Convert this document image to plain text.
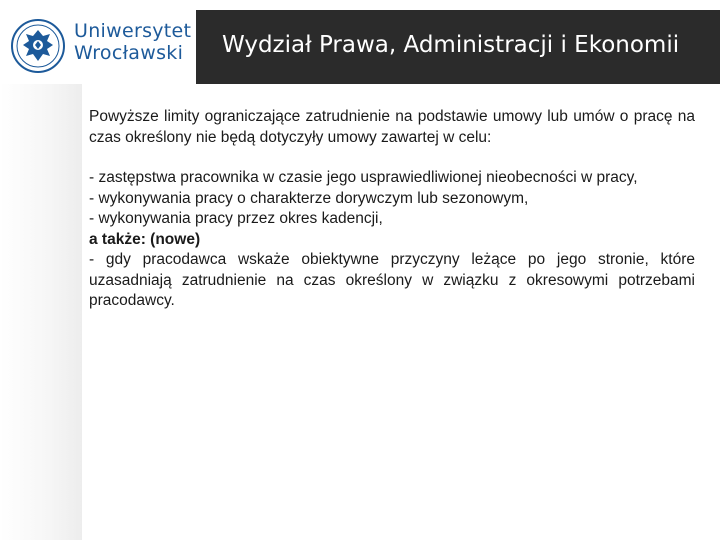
Uniwersytet
Wrocławski	Wydział Prawa, Administracji i Ekonomii

Powyższe limity ograniczające zatrudnienie na podstawie umowy lub umów o pracę na czas określony nie będą dotyczyły umowy zawartej w celu:

- zastępstwa pracownika w czasie jego usprawiedliwionej nieobecności w pracy,

- wykonywania pracy o charakterze dorywczym lub sezonowym,

- wykonywania pracy przez okres kadencji,

a także: (nowe)

- gdy pracodawca wskaże obiektywne przyczyny leżące po jego stronie, które uzasadniają zatrudnienie na czas określony w związku z okresowymi potrzebami pracodawcy.
